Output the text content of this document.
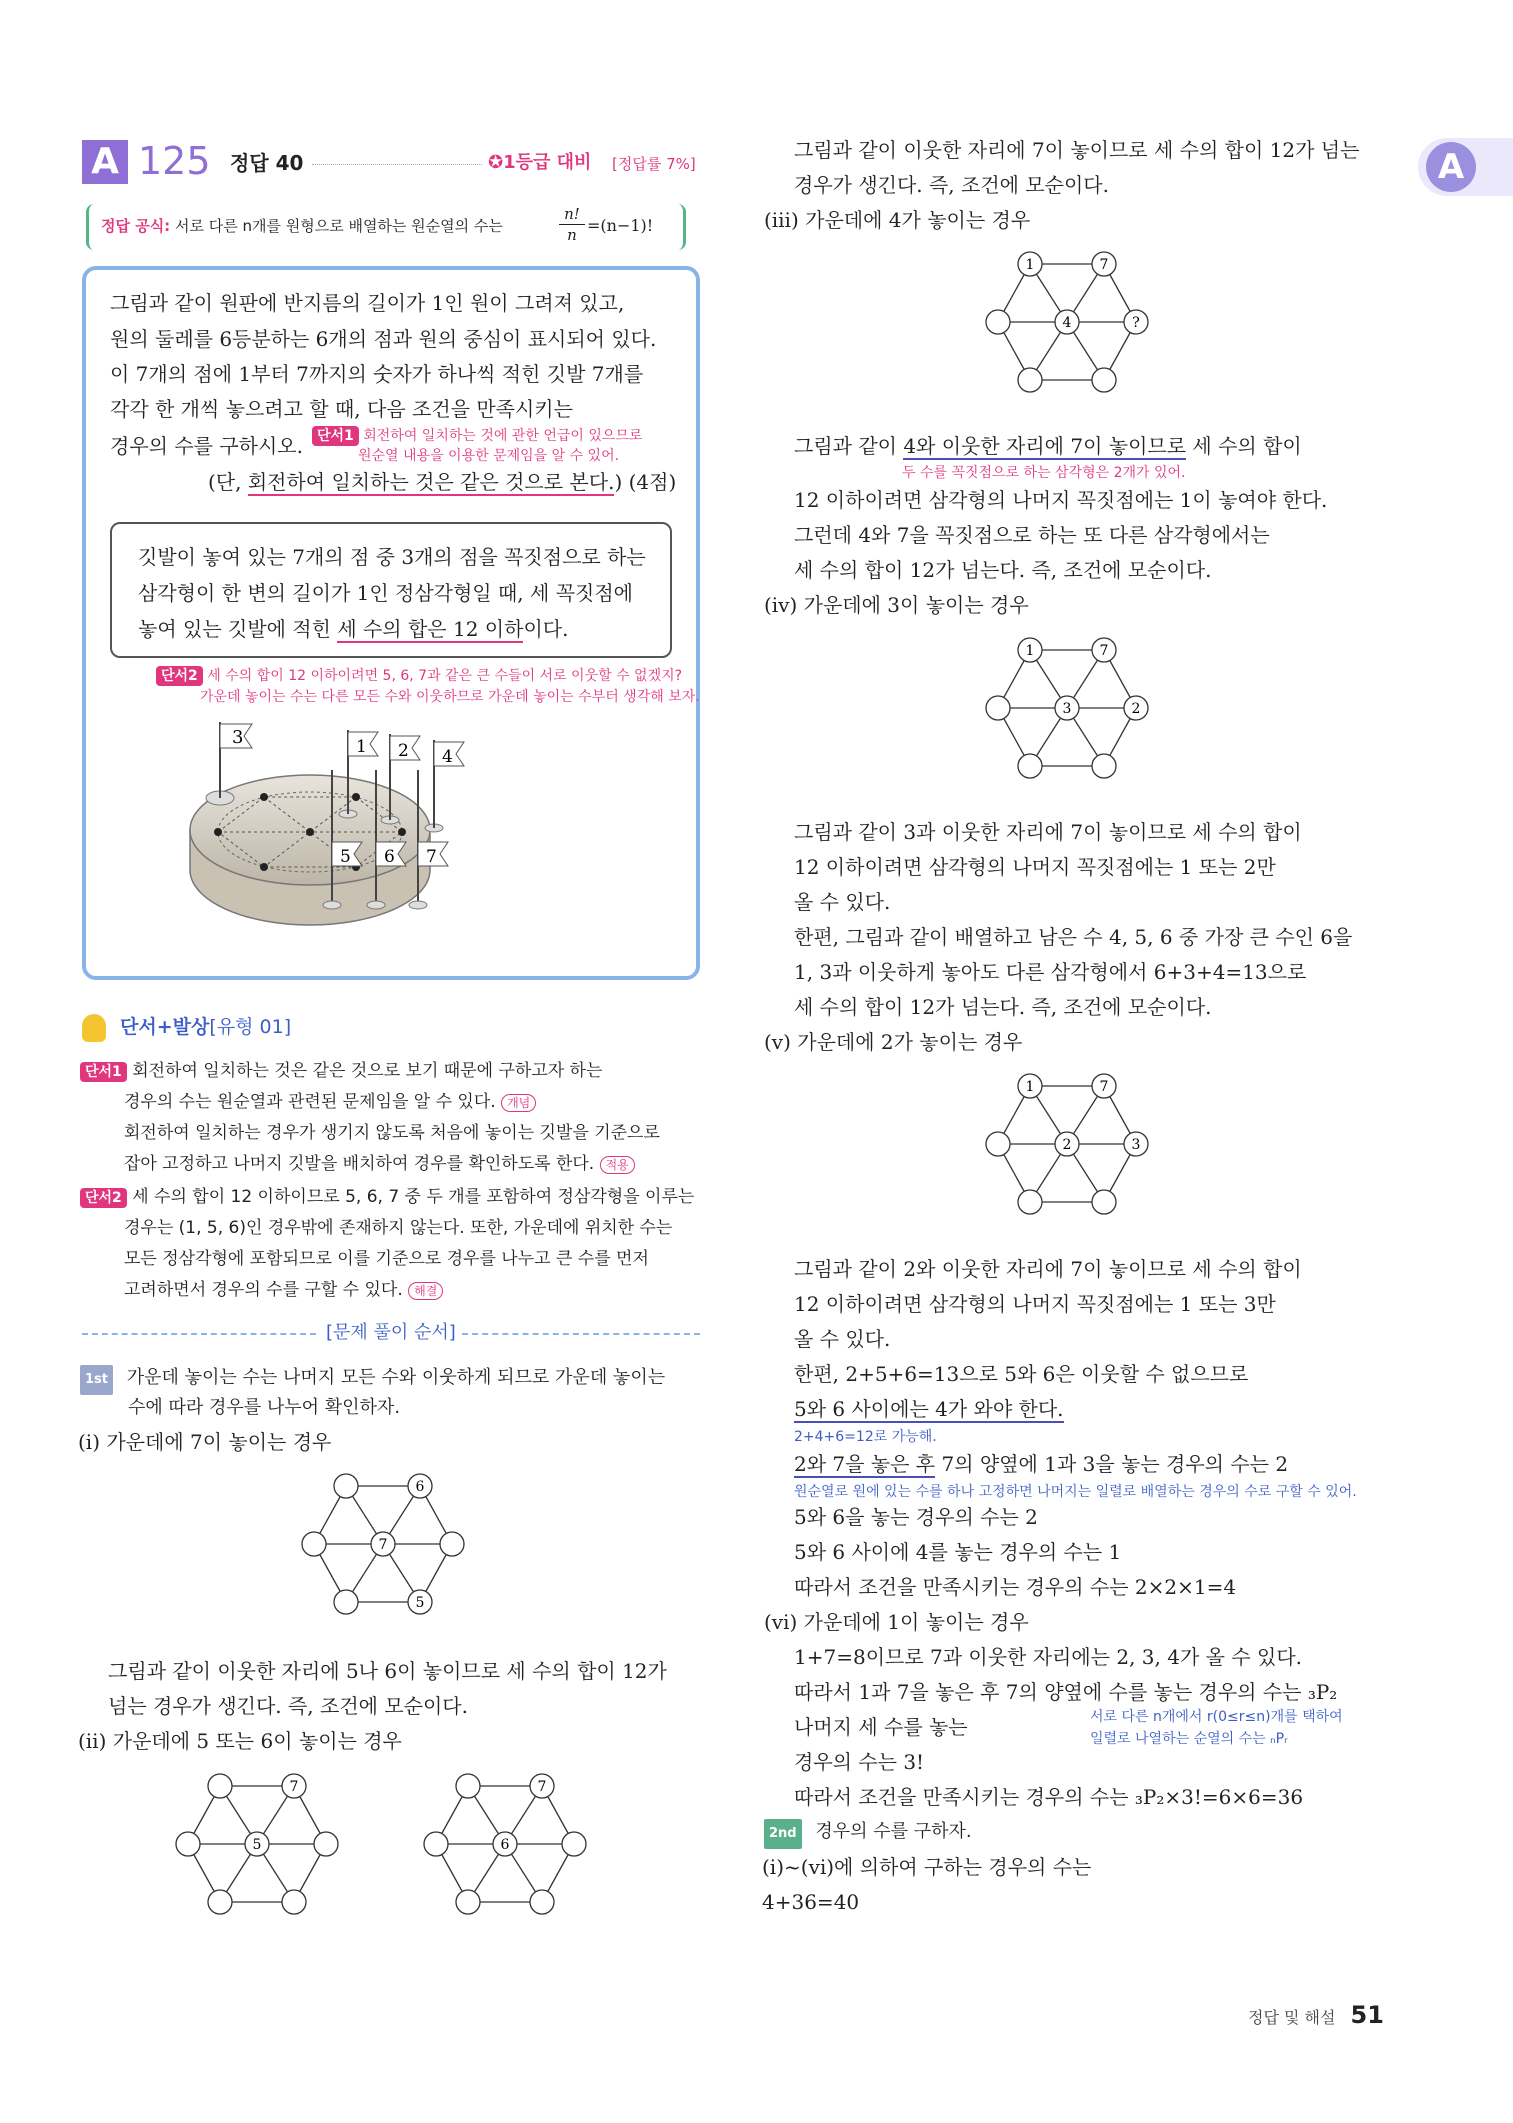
A 125 정답 40	✪1등급 대비 [정답률 7%]
정답 공식: 서로 다른 n개를 원형으로 배열하는 원순열의 수는
n!
n =(n−1)!
그림과 같이 원판에 반지름의 길이가 1인 원이 그려져 있고,
원의 둘레를 6등분하는 6개의 점과 원의 중심이 표시되어 있다.
이 7개의 점에 1부터 7까지의 숫자가 하나씩 적힌 깃발 7개를
각각 한 개씩 놓으려고 할 때, 다음 조건을 만족시키는
경우의 수를 구하시오.	단서1 회전하여 일치하는 것에 관한 언급이 있으므로
원순열 내용을 이용한 문제임을 알 수 있어.
(단, 회전하여 일치하는 것은 같은 것으로 본다.) (4점)
깃발이 놓여 있는 7개의 점 중 3개의 점을 꼭짓점으로 하는
삼각형이 한 변의 길이가 1인 정삼각형일 때, 세 꼭짓점에
놓여 있는 깃발에 적힌 세 수의 합은 12 이하이다.
단서2 세 수의 합이 12 이하이려면 5, 6, 7과 같은 큰 수들이 서로 이웃할 수 없겠지?
가운데 놓이는 수는 다른 모든 수와 이웃하므로 가운데 놓이는 수부터 생각해 보자.
3	1 2 4
5 6 7
단서+발상[유형 01]
단서1 회전하여 일치하는 것은 같은 것으로 보기 때문에 구하고자 하는
경우의 수는 원순열과 관련된 문제임을 알 수 있다. 개념
회전하여 일치하는 경우가 생기지 않도록 처음에 놓이는 깃발을 기준으로
잡아 고정하고 나머지 깃발을 배치하여 경우를 확인하도록 한다. 적용
단서2 세 수의 합이 12 이하이므로 5, 6, 7 중 두 개를 포함하여 정삼각형을 이루는
경우는 (1, 5, 6)인 경우밖에 존재하지 않는다. 또한, 가운데에 위치한 수는
모든 정삼각형에 포함되므로 이를 기준으로 경우를 나누고 큰 수를 먼저
고려하면서 경우의 수를 구할 수 있다. 해결
[문제 풀이 순서]
1st 가운데 놓이는 수는 나머지 모든 수와 이웃하게 되므로 가운데 놓이는
수에 따라 경우를 나누어 확인하자.
(ⅰ) 가운데에 7이 놓이는 경우
6
7
5
그림과 같이 이웃한 자리에 5나 6이 놓이므로 세 수의 합이 12가
넘는 경우가 생긴다. 즉, 조건에 모순이다.
(ⅱ) 가운데에 5 또는 6이 놓이는 경우
7
5
7
6
그림과 같이 이웃한 자리에 7이 놓이므로 세 수의 합이 12가 넘는
경우가 생긴다. 즉, 조건에 모순이다.
(ⅲ) 가운데에 4가 놓이는 경우
1	7
4	?
그림과 같이 4와 이웃한 자리에 7이 놓이므로 세 수의 합이
두 수를 꼭짓점으로 하는 삼각형은 2개가 있어.
12 이하이려면 삼각형의 나머지 꼭짓점에는 1이 놓여야 한다.
그런데 4와 7을 꼭짓점으로 하는 또 다른 삼각형에서는
세 수의 합이 12가 넘는다. 즉, 조건에 모순이다.
(ⅳ) 가운데에 3이 놓이는 경우
1	7
3	2
그림과 같이 3과 이웃한 자리에 7이 놓이므로 세 수의 합이
12 이하이려면 삼각형의 나머지 꼭짓점에는 1 또는 2만
올 수 있다.
한편, 그림과 같이 배열하고 남은 수 4, 5, 6 중 가장 큰 수인 6을
1, 3과 이웃하게 놓아도 다른 삼각형에서 6+3+4=13으로
세 수의 합이 12가 넘는다. 즉, 조건에 모순이다.
(ⅴ) 가운데에 2가 놓이는 경우
1	7
2	3
그림과 같이 2와 이웃한 자리에 7이 놓이므로 세 수의 합이
12 이하이려면 삼각형의 나머지 꼭짓점에는 1 또는 3만
올 수 있다.
한편, 2+5+6=13으로 5와 6은 이웃할 수 없으므로
5와 6 사이에는 4가 와야 한다.
2+4+6=12로 가능해.
2와 7을 놓은 후 7의 양옆에 1과 3을 놓는 경우의 수는 2
원순열로 원에 있는 수를 하나 고정하면 나머지는 일렬로 배열하는 경우의 수로 구할 수 있어.
5와 6을 놓는 경우의 수는 2
5와 6 사이에 4를 놓는 경우의 수는 1
따라서 조건을 만족시키는 경우의 수는 2×2×1=4
(ⅵ) 가운데에 1이 놓이는 경우
1+7=8이므로 7과 이웃한 자리에는 2, 3, 4가 올 수 있다.
따라서 1과 7을 놓은 후 7의 양옆에 수를 놓는 경우의 수는 ₃P₂
나머지 세 수를 놓는	서로 다른 n개에서 r(0≤r≤n)개를 택하여
일렬로 나열하는 순열의 수는 ₙPᵣ
경우의 수는 3!
따라서 조건을 만족시키는 경우의 수는 ₃P₂×3!=6×6=36
2nd 경우의 수를 구하자.
(ⅰ)~(ⅵ)에 의하여 구하는 경우의 수는
4+36=40
A
정답 및 해설 51
